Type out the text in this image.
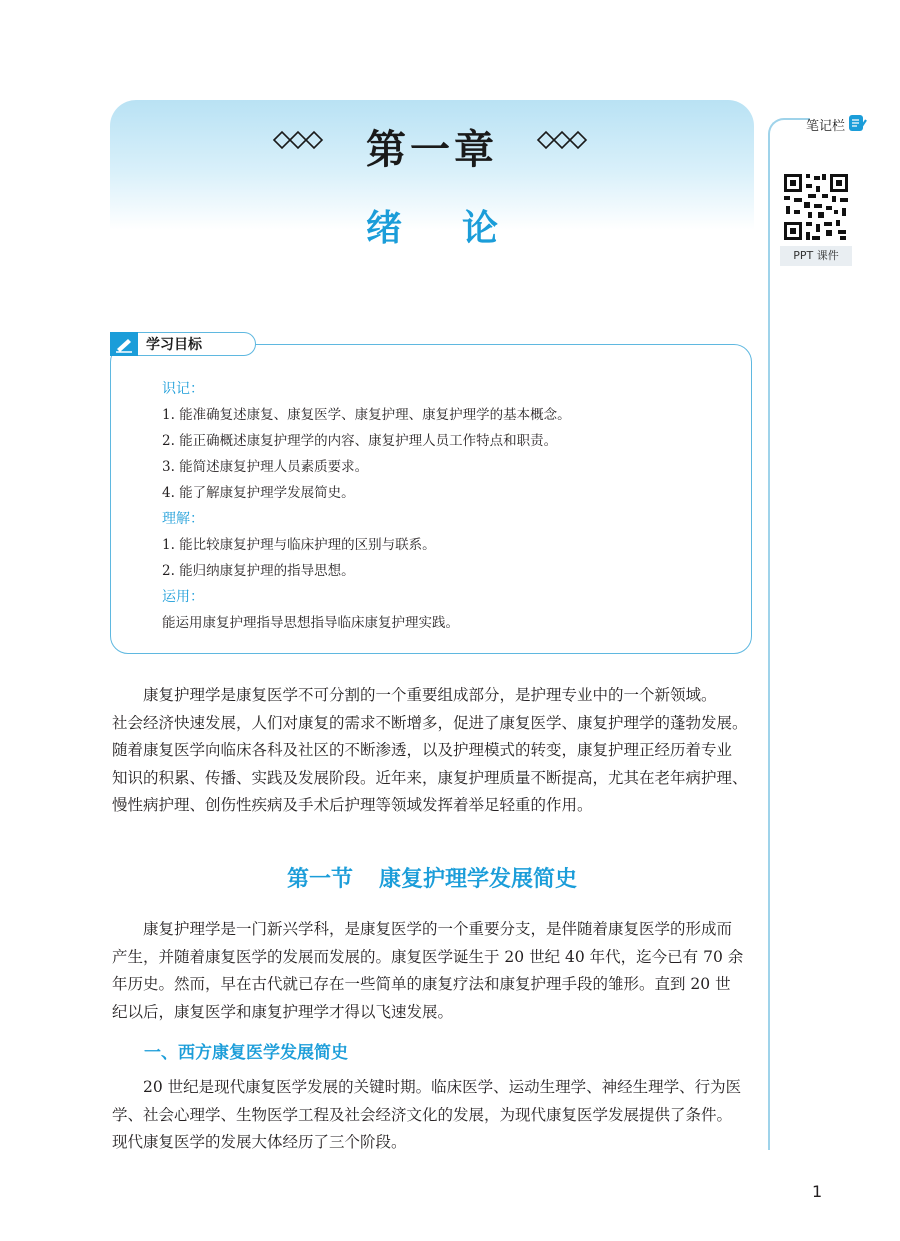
第一章
绪论
笔记栏
PPT 课件
学习目标
识记：
1. 能准确复述康复、康复医学、康复护理、康复护理学的基本概念。
2. 能正确概述康复护理学的内容、康复护理人员工作特点和职责。
3. 能简述康复护理人员素质要求。
4. 能了解康复护理学发展简史。
理解：
1. 能比较康复护理与临床护理的区别与联系。
2. 能归纳康复护理的指导思想。
运用：
能运用康复护理指导思想指导临床康复护理实践。
　　康复护理学是康复医学不可分割的一个重要组成部分，是护理专业中的一个新领域。
社会经济快速发展，人们对康复的需求不断增多，促进了康复医学、康复护理学的蓬勃发展。
随着康复医学向临床各科及社区的不断渗透，以及护理模式的转变，康复护理正经历着专业
知识的积累、传播、实践及发展阶段。近年来，康复护理质量不断提高，尤其在老年病护理、
慢性病护理、创伤性疾病及手术后护理等领域发挥着举足轻重的作用。
第一节 康复护理学发展简史
　　康复护理学是一门新兴学科，是康复医学的一个重要分支，是伴随着康复医学的形成而
产生，并随着康复医学的发展而发展的。康复医学诞生于 20 世纪 40 年代，迄今已有 70 余
年历史。然而，早在古代就已存在一些简单的康复疗法和康复护理手段的雏形。直到 20 世
纪以后，康复医学和康复护理学才得以飞速发展。
一、西方康复医学发展简史
　　20 世纪是现代康复医学发展的关键时期。临床医学、运动生理学、神经生理学、行为医
学、社会心理学、生物医学工程及社会经济文化的发展，为现代康复医学发展提供了条件。
现代康复医学的发展大体经历了三个阶段。
1
